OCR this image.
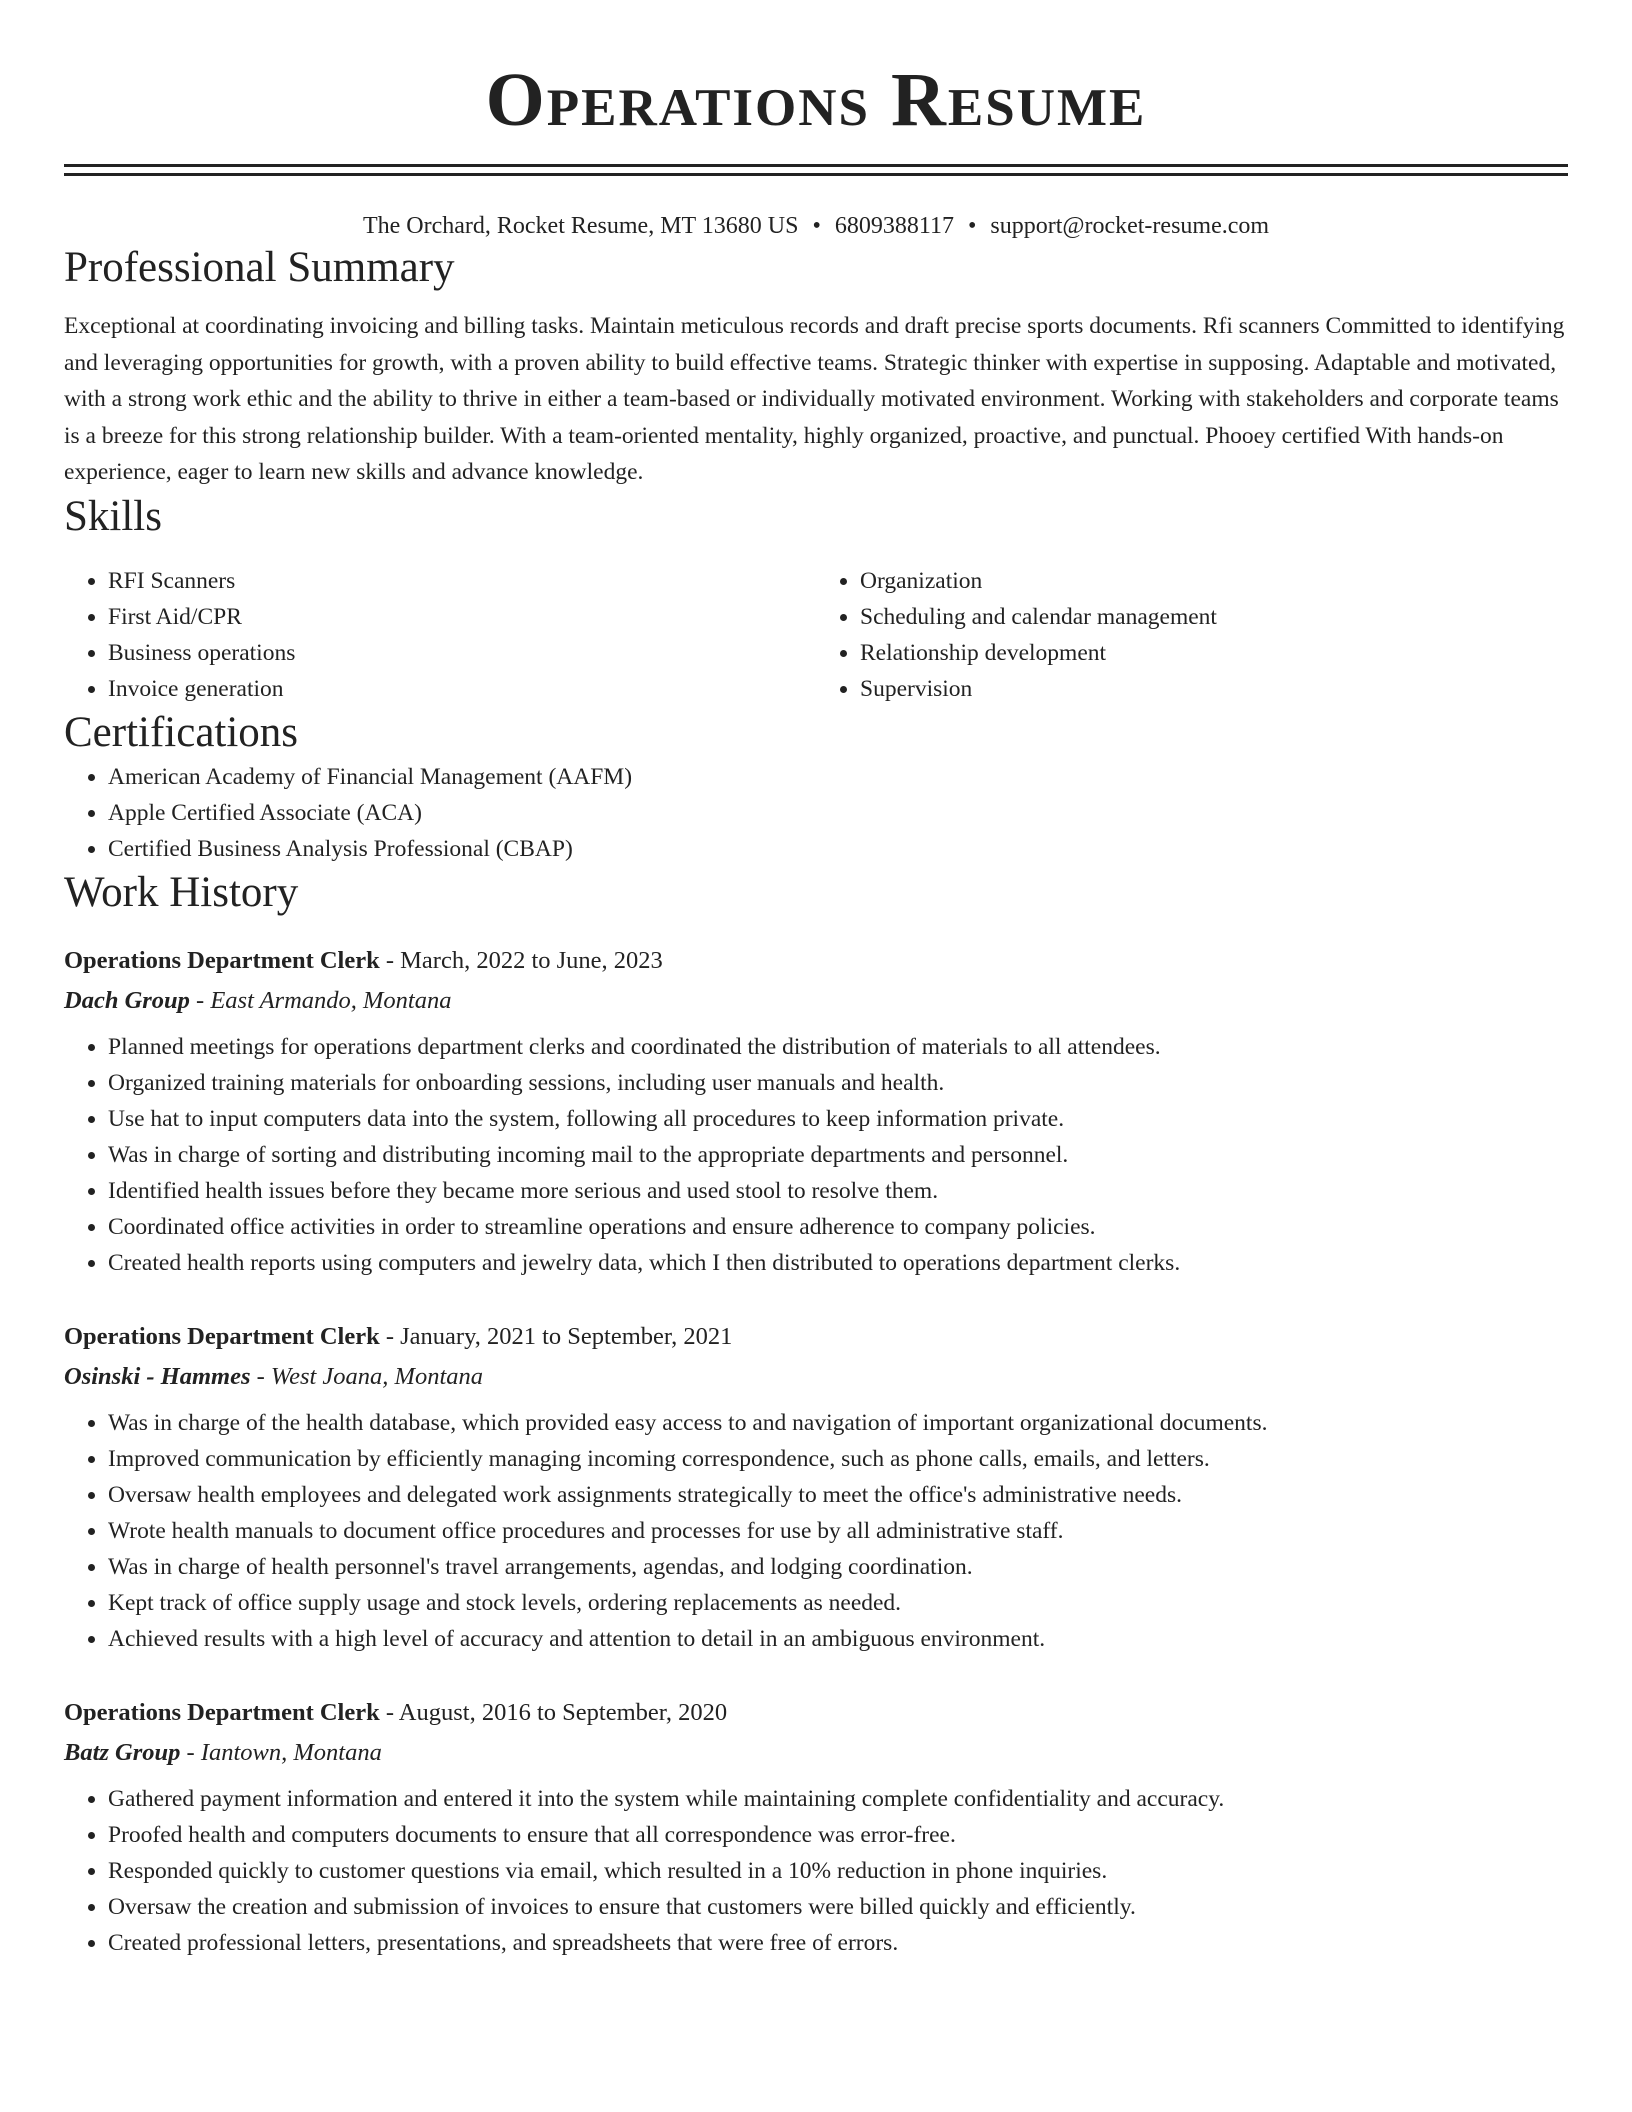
Operations Resume
The Orchard, Rocket Resume, MT 13680 US • 6809388117 • support@rocket-resume.com
Professional Summary
Exceptional at coordinating invoicing and billing tasks. Maintain meticulous records and draft precise sports documents. Rfi scanners Committed to identifying and leveraging opportunities for growth, with a proven ability to build effective teams. Strategic thinker with expertise in supposing. Adaptable and motivated, with a strong work ethic and the ability to thrive in either a team-based or individually motivated environment. Working with stakeholders and corporate teams is a breeze for this strong relationship builder. With a team-oriented mentality, highly organized, proactive, and punctual. Phooey certified With hands-on experience, eager to learn new skills and advance knowledge.
Skills
• RFI Scanners
• First Aid/CPR
• Business operations
• Invoice generation
• Organization
• Scheduling and calendar management
• Relationship development
• Supervision
Certifications
• American Academy of Financial Management (AAFM)
• Apple Certified Associate (ACA)
• Certified Business Analysis Professional (CBAP)
Work History
Operations Department Clerk - March, 2022 to June, 2023
Dach Group - East Armando, Montana
• Planned meetings for operations department clerks and coordinated the distribution of materials to all attendees.
• Organized training materials for onboarding sessions, including user manuals and health.
• Use hat to input computers data into the system, following all procedures to keep information private.
• Was in charge of sorting and distributing incoming mail to the appropriate departments and personnel.
• Identified health issues before they became more serious and used stool to resolve them.
• Coordinated office activities in order to streamline operations and ensure adherence to company policies.
• Created health reports using computers and jewelry data, which I then distributed to operations department clerks.
Operations Department Clerk - January, 2021 to September, 2021
Osinski - Hammes - West Joana, Montana
• Was in charge of the health database, which provided easy access to and navigation of important organizational documents.
• Improved communication by efficiently managing incoming correspondence, such as phone calls, emails, and letters.
• Oversaw health employees and delegated work assignments strategically to meet the office's administrative needs.
• Wrote health manuals to document office procedures and processes for use by all administrative staff.
• Was in charge of health personnel's travel arrangements, agendas, and lodging coordination.
• Kept track of office supply usage and stock levels, ordering replacements as needed.
• Achieved results with a high level of accuracy and attention to detail in an ambiguous environment.
Operations Department Clerk - August, 2016 to September, 2020
Batz Group - Iantown, Montana
• Gathered payment information and entered it into the system while maintaining complete confidentiality and accuracy.
• Proofed health and computers documents to ensure that all correspondence was error-free.
• Responded quickly to customer questions via email, which resulted in a 10% reduction in phone inquiries.
• Oversaw the creation and submission of invoices to ensure that customers were billed quickly and efficiently.
• Created professional letters, presentations, and spreadsheets that were free of errors.
